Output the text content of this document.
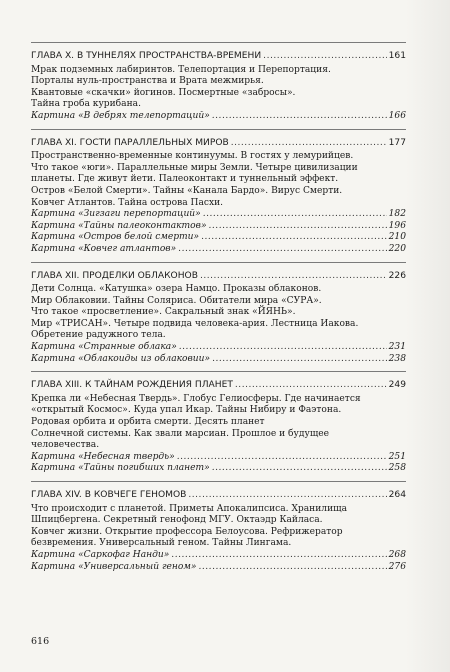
ГЛАВА X. В ТУННЕЛЯХ ПРОСТРАНСТВА-ВРЕМЕНИ .....	161

Мрак подземных лабиринтов. Телепортация и Перепортация.

Порталы нуль-пространства и Врата межмирья.

Квантовые «скачки» йогинов. Посмертные «забросы».

Тайна гроба курибана.

Картина «В дебрях телепортаций» .....	166
ГЛАВА XI. ГОСТИ ПАРАЛЛЕЛЬНЫХ МИРОВ .....	177

Пространственно-временные континуумы. В гостях у лемурийцев.

Что такое «юги». Параллельные миры Земли. Четыре цивилизации

планеты. Где живут йети. Палеоконтакт и туннельный эффект.

Остров «Белой Смерти». Тайны «Канала Бардо». Вирус Смерти.

Ковчег Атлантов. Тайна острова Пасхи.

Картина «Зигзаги перепортаций» .....	182
Картина «Тайны палеоконтактов» .....	196
Картина «Остров белой смерти» .....	210
Картина «Ковчег атлантов» .....	220
ГЛАВА XII. ПРОДЕЛКИ ОБЛАКОНОВ .....	226

Дети Солнца. «Катушка» озера Намцо. Проказы облаконов.

Мир Облаковии. Тайны Соляриса. Обитатели мира «СУРА».

Что такое «просветление». Сакральный знак «ЙЯНЬ».

Мир «ТРИСАН». Четыре подвида человека-ария. Лестница Иакова.

Обретение радужного тела.

Картина «Странные облака» .....	231
Картина «Облакоиды из облаковии» .....	238
ГЛАВА XIII. К ТАЙНАМ РОЖДЕНИЯ ПЛАНЕТ .....	249

Крепка ли «Небесная Твердь». Глобус Гелиосферы. Где начинается

«открытый Космос». Куда упал Икар. Тайны Нибиру и Фаэтона.

Родовая орбита и орбита смерти. Десять планет

Солнечной системы. Как звали марсиан. Прошлое и будущее

человечества.

Картина «Небесная твердь» .....	251
Картина «Тайны погибших планет» .....	258
ГЛАВА XIV. В КОВЧЕГЕ ГЕНОМОВ .....	264

Что происходит с планетой. Приметы Апокалипсиса. Хранилища

Шпицбергена. Секретный генофонд МГУ. Октаэдр Кайласа.

Ковчег жизни. Открытие профессора Белоусова. Рефрижератор

безвремения. Универсальный геном. Тайны Лингама.

Картина «Саркофаг Нанди» .....	268
Картина «Универсальный геном» .....	276
616
